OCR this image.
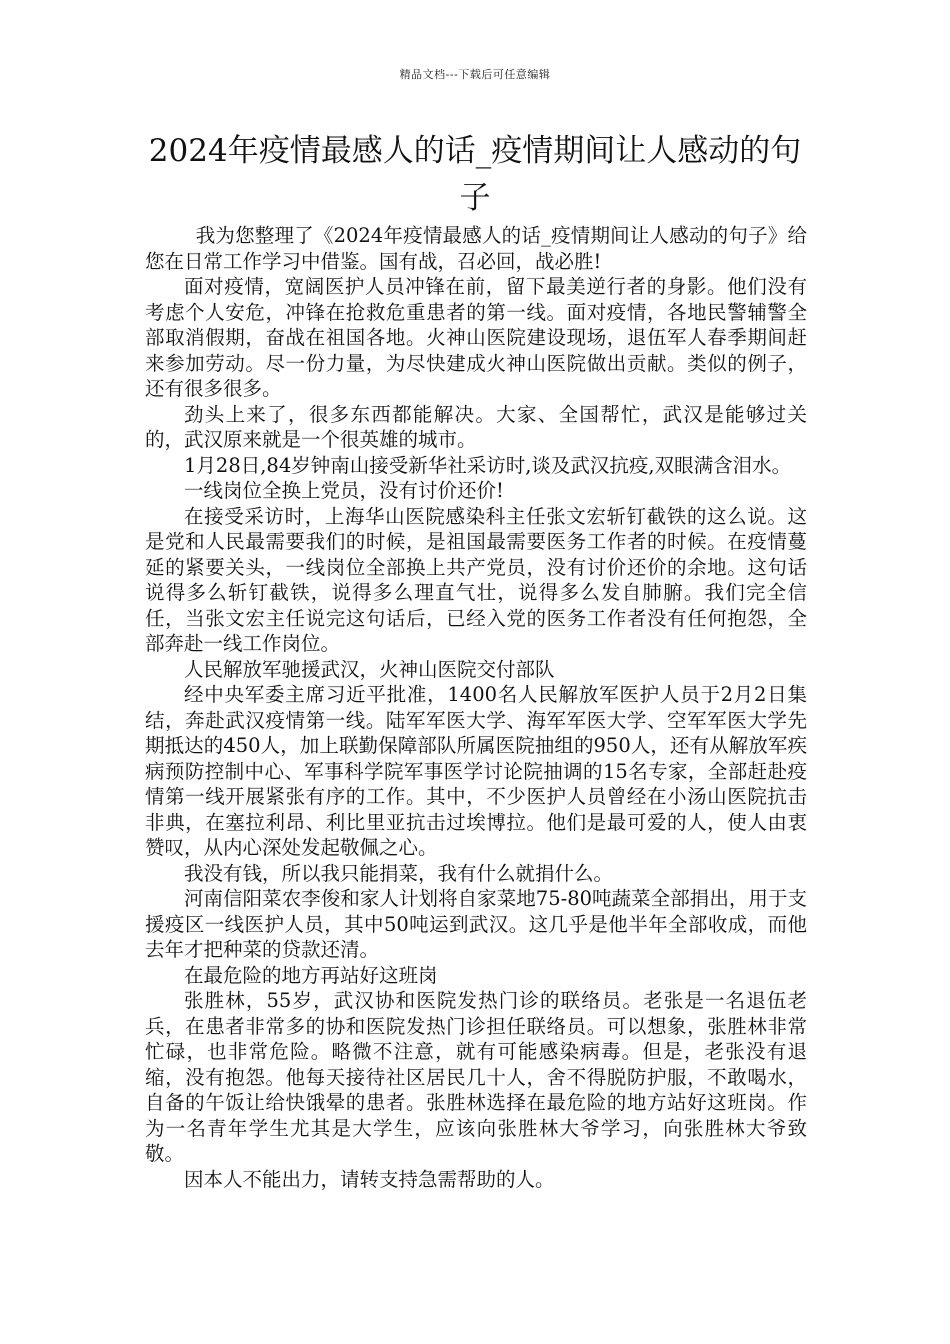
精品文档---下载后可任意编辑
2024年疫情最感人的话_疫情期间让人感动的句子

我为您整理了《2024年疫情最感人的话_疫情期间让人感动的句子》给您在日常工作学习中借鉴。国有战，召必回，战必胜!

面对疫情，宽阔医护人员冲锋在前，留下最美逆行者的身影。他们没有考虑个人安危，冲锋在抢救危重患者的第一线。面对疫情，各地民警辅警全部取消假期，奋战在祖国各地。火神山医院建设现场，退伍军人春季期间赶来参加劳动。尽一份力量，为尽快建成火神山医院做出贡献。类似的例子，还有很多很多。

劲头上来了，很多东西都能解决。大家、全国帮忙，武汉是能够过关的，武汉原来就是一个很英雄的城市。

1月28日,84岁钟南山接受新华社采访时,谈及武汉抗疫,双眼满含泪水。

一线岗位全换上党员，没有讨价还价!

在接受采访时，上海华山医院感染科主任张文宏斩钉截铁的这么说。这是党和人民最需要我们的时候，是祖国最需要医务工作者的时候。在疫情蔓延的紧要关头，一线岗位全部换上共产党员，没有讨价还价的余地。这句话说得多么斩钉截铁，说得多么理直气壮，说得多么发自肺腑。我们完全信任，当张文宏主任说完这句话后，已经入党的医务工作者没有任何抱怨，全部奔赴一线工作岗位。

人民解放军驰援武汉，火神山医院交付部队

经中央军委主席习近平批准，1400名人民解放军医护人员于2月2日集结，奔赴武汉疫情第一线。陆军军医大学、海军军医大学、空军军医大学先期抵达的450人，加上联勤保障部队所属医院抽组的950人，还有从解放军疾病预防控制中心、军事科学院军事医学讨论院抽调的15名专家，全部赶赴疫情第一线开展紧张有序的工作。其中，不少医护人员曾经在小汤山医院抗击非典，在塞拉利昂、利比里亚抗击过埃博拉。他们是最可爱的人，使人由衷赞叹，从内心深处发起敬佩之心。

我没有钱，所以我只能捐菜，我有什么就捐什么。

河南信阳菜农李俊和家人计划将自家菜地75-80吨蔬菜全部捐出，用于支援疫区一线医护人员，其中50吨运到武汉。这几乎是他半年全部收成，而他去年才把种菜的贷款还清。

在最危险的地方再站好这班岗

张胜林，55岁，武汉协和医院发热门诊的联络员。老张是一名退伍老兵，在患者非常多的协和医院发热门诊担任联络员。可以想象，张胜林非常忙碌，也非常危险。略微不注意，就有可能感染病毒。但是，老张没有退缩，没有抱怨。他每天接待社区居民几十人，舍不得脱防护服，不敢喝水，自备的午饭让给快饿晕的患者。张胜林选择在最危险的地方站好这班岗。作为一名青年学生尤其是大学生，应该向张胜林大爷学习，向张胜林大爷致敬。

因本人不能出力，请转支持急需帮助的人。
